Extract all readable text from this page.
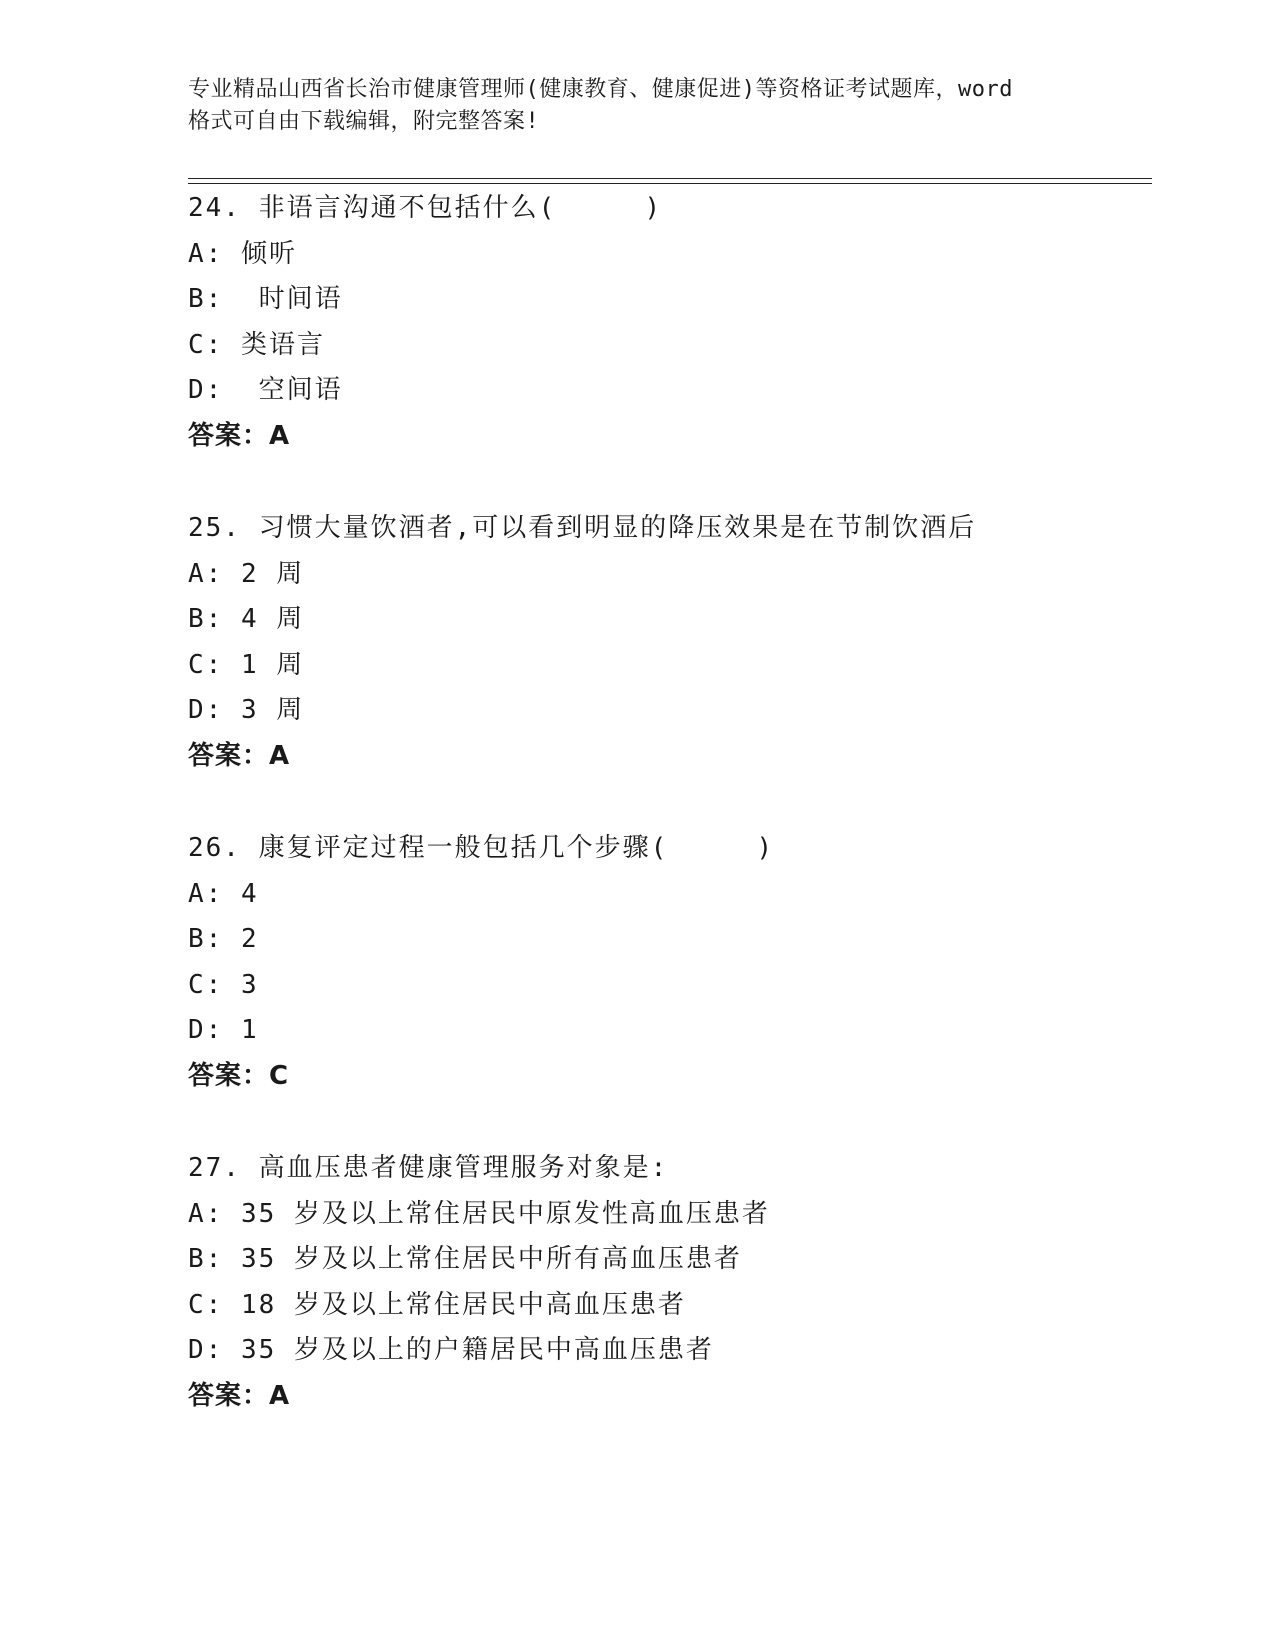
专业精品山西省长治市健康管理师(健康教育、健康促进)等资格证考试题库，word
格式可自由下载编辑，附完整答案!
24. 非语言沟通不包括什么(     )
A: 倾听
B:  时间语
C: 类语言
D:  空间语
答案：A
25. 习惯大量饮酒者,可以看到明显的降压效果是在节制饮酒后
A: 2 周
B: 4 周
C: 1 周
D: 3 周
答案：A
26. 康复评定过程一般包括几个步骤(     )
A: 4
B: 2
C: 3
D: 1
答案：C
27. 高血压患者健康管理服务对象是:
A: 35 岁及以上常住居民中原发性高血压患者
B: 35 岁及以上常住居民中所有高血压患者
C: 18 岁及以上常住居民中高血压患者
D: 35 岁及以上的户籍居民中高血压患者
答案：A
